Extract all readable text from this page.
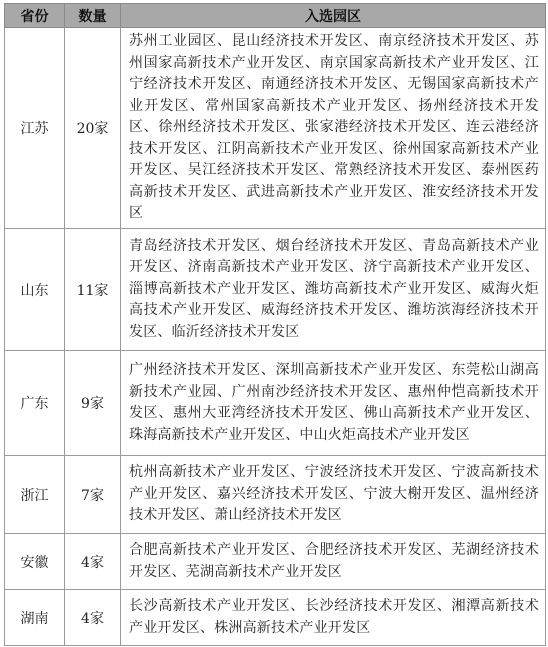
省份	数量	入选园区
江苏	20家	苏州工业园区、昆山经济技术开发区、南京经济技术开发区、苏州国家高新技术产业开发区、南京国家高新技术产业开发区、江宁经济技术开发区、南通经济技术开发区、无锡国家高新技术产业开发区、常州国家高新技术产业开发区、扬州经济技术开发区、徐州经济技术开发区、张家港经济技术开发区、连云港经济技术开发区、江阴高新技术产业开发区、徐州国家高新技术产业开发区、吴江经济技术开发区、常熟经济技术开发区、泰州医药高新技术开发区、武进高新技术产业开发区、淮安经济技术开发区
山东	11家	青岛经济技术开发区、烟台经济技术开发区、青岛高新技术产业开发区、济南高新技术产业开发区、济宁高新技术产业开发区、淄博高新技术产业开发区、潍坊高新技术产业开发区、威海火炬高技术产业开发区、威海经济技术开发区、潍坊滨海经济技术开发区、临沂经济技术开发区
广东	9家	广州经济技术开发区、深圳高新技术产业开发区、东莞松山湖高新技术产业园、广州南沙经济技术开发区、惠州仲恺高新技术开发区、惠州大亚湾经济技术开发区、佛山高新技术产业开发区、珠海高新技术产业开发区、中山火炬高技术产业开发区
浙江	7家	杭州高新技术产业开发区、宁波经济技术开发区、宁波高新技术产业开发区、嘉兴经济技术开发区、宁波大榭开发区、温州经济技术开发区、萧山经济技术开发区
安徽	4家	合肥高新技术产业开发区、合肥经济技术开发区、芜湖经济技术开发区、芜湖高新技术产业开发区
湖南	4家	长沙高新技术产业开发区、长沙经济技术开发区、湘潭高新技术产业开发区、株洲高新技术产业开发区
